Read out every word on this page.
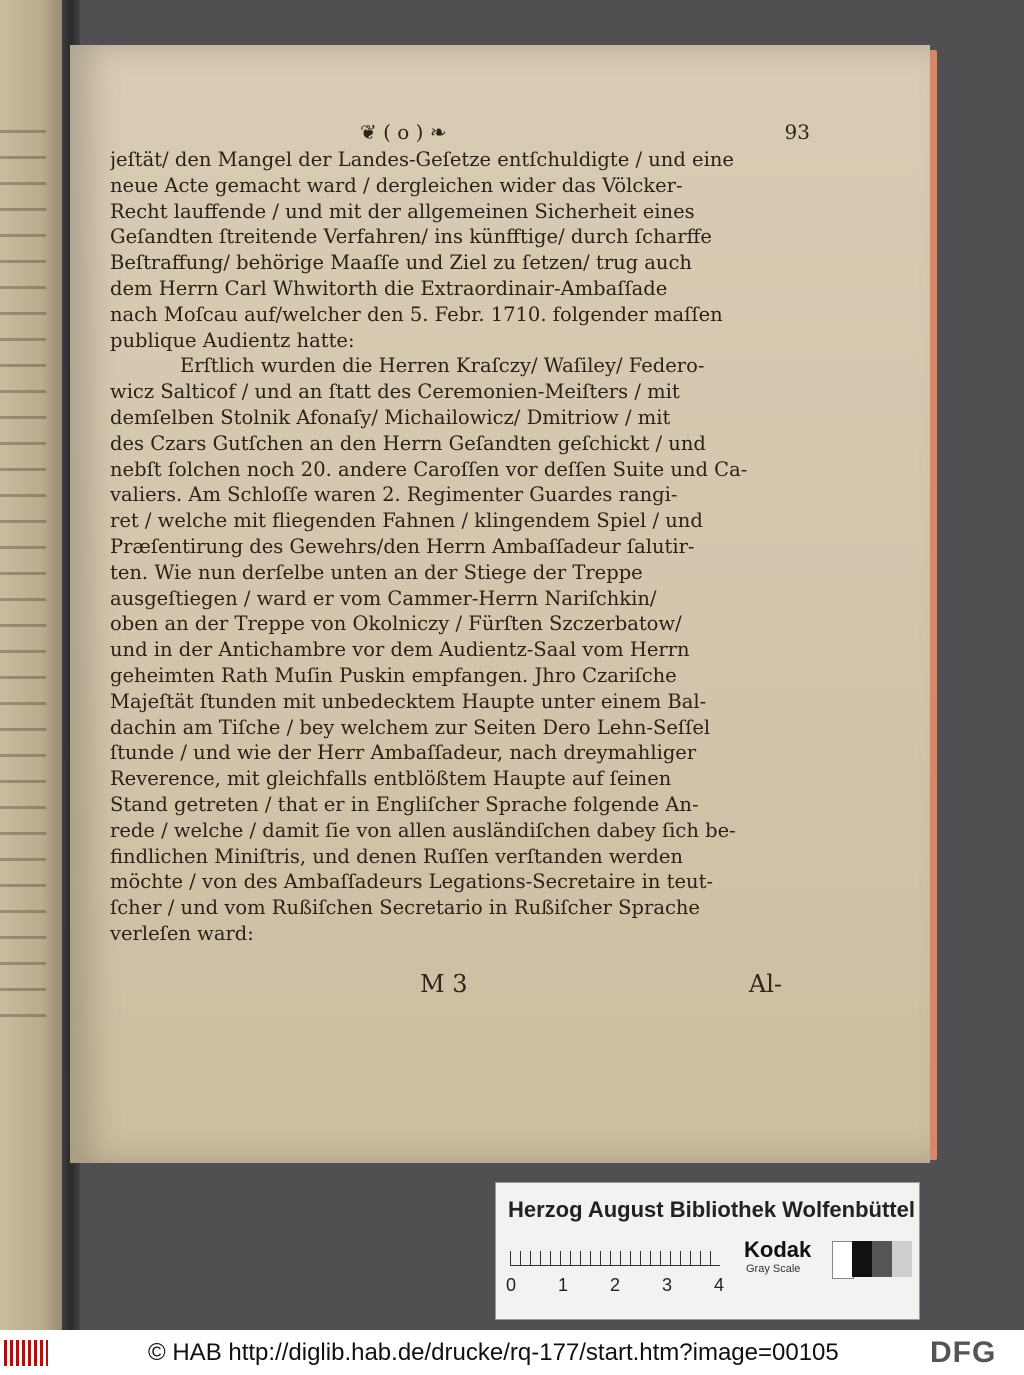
❦ ( o ) ❧	93
jeſtät/ den Mangel der Landes-Geſetze entſchuldigte / und eine
neue Acte gemacht ward / dergleichen wider das Völcker-
Recht lauffende / und mit der allgemeinen Sicherheit eines
Geſandten ſtreitende Verfahren/ ins künfftige/ durch ſcharffe
Beſtraffung/ behörige Maaſſe und Ziel zu ſetzen/ trug auch
dem Herrn Carl Whwitorth die Extraordinair-Ambaſſade
nach Moſcau auf/welcher den 5. Febr. 1710. folgender maſſen
publique Audientz hatte:
Erſtlich wurden die Herren Kraſczy/ Waſiley/ Federo-
wicz Salticof / und an ſtatt des Ceremonien-Meiſters / mit
demſelben Stolnik Afonaſy/ Michailowicz/ Dmitriow / mit
des Czars Gutſchen an den Herrn Geſandten geſchickt / und
nebſt ſolchen noch 20. andere Caroſſen vor deſſen Suite und Ca-
valiers. Am Schloſſe waren 2. Regimenter Guardes rangi-
ret / welche mit fliegenden Fahnen / klingendem Spiel / und
Præſentirung des Gewehrs/den Herrn Ambaſſadeur ſalutir-
ten. Wie nun derſelbe unten an der Stiege der Treppe
ausgeſtiegen / ward er vom Cammer-Herrn Nariſchkin/
oben an der Treppe von Okolniczy / Fürſten Szczerbatow/
und in der Antichambre vor dem Audientz-Saal vom Herrn
geheimten Rath Muſin Puskin empfangen. Jhro Czariſche
Majeſtät ſtunden mit unbedecktem Haupte unter einem Bal-
dachin am Tiſche / bey welchem zur Seiten Dero Lehn-Seſſel
ſtunde / und wie der Herr Ambaſſadeur, nach dreymahliger
Reverence, mit gleichfalls entblößtem Haupte auf ſeinen
Stand getreten / that er in Engliſcher Sprache folgende An-
rede / welche / damit ſie von allen ausländiſchen dabey ſich be-
findlichen Miniſtris, und denen Ruſſen verſtanden werden
möchte / von des Ambaſſadeurs Legations-Secretaire in teut-
ſcher / und vom Rußiſchen Secretario in Rußiſcher Sprache
verleſen ward:
M 3	Al-
Herzog August Bibliothek Wolfenbüttel
0 1 2 3 4
Kodak
Gray Scale
© HAB http://diglib.hab.de/drucke/rq-177/start.htm?image=00105	DFG
